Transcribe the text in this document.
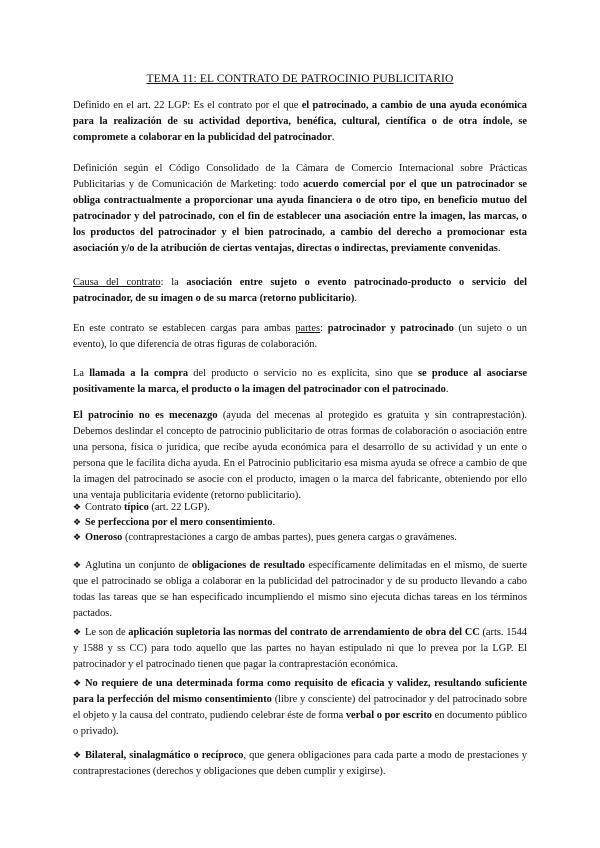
TEMA 11: EL CONTRATO DE PATROCINIO PUBLICITARIO
Definido en el art. 22 LGP: Es el contrato por el que el patrocinado, a cambio de una ayuda económica para la realización de su actividad deportiva, benéfica, cultural, científica o de otra índole, se compromete a colaborar en la publicidad del patrocinador.
Definición según el Código Consolidado de la Cámara de Comercio Internacional sobre Prácticas Publicitarias y de Comunicación de Marketing: todo acuerdo comercial por el que un patrocinador se obliga contractualmente a proporcionar una ayuda financiera o de otro tipo, en beneficio mutuo del patrocinador y del patrocinado, con el fin de establecer una asociación entre la imagen, las marcas, o los productos del patrocinador y el bien patrocinado, a cambio del derecho a promocionar esta asociación y/o de la atribución de ciertas ventajas, directas o indirectas, previamente convenidas.
Causa del contrato: la asociación entre sujeto o evento patrocinado-producto o servicio del patrocinador, de su imagen o de su marca (retorno publicitario).
En este contrato se establecen cargas para ambas partes: patrocinador y patrocinado (un sujeto o un evento), lo que diferencia de otras figuras de colaboración.
La llamada a la compra del producto o servicio no es explícita, sino que se produce al asociarse positivamente la marca, el producto o la imagen del patrocinador con el patrocinado.
El patrocinio no es mecenazgo (ayuda del mecenas al protegido es gratuita y sin contraprestación). Debemos deslindar el concepto de patrocinio publicitario de otras formas de colaboración o asociación entre una persona, física o jurídica, que recibe ayuda económica para el desarrollo de su actividad y un ente o persona que le facilita dicha ayuda. En el Patrocinio publicitario esa misma ayuda se ofrece a cambio de que la imagen del patrocinado se asocie con el producto, imagen o la marca del fabricante, obteniendo por ello una ventaja publicitaria evidente (retorno publicitario).
❖ Contrato típico (art. 22 LGP).
❖ Se perfecciona por el mero consentimiento.
❖ Oneroso (contraprestaciones a cargo de ambas partes), pues genera cargas o gravámenes.
❖ Aglutina un conjunto de obligaciones de resultado específicamente delimitadas en el mismo, de suerte que el patrocinado se obliga a colaborar en la publicidad del patrocinador y de su producto llevando a cabo todas las tareas que se han especificado incumpliendo el mismo sino ejecuta dichas tareas en los términos pactados.
❖ Le son de aplicación supletoria las normas del contrato de arrendamiento de obra del CC (arts. 1544 y 1588 y ss CC) para todo aquello que las partes no hayan estipulado ni que lo prevea por la LGP. El patrocinador y el patrocinado tienen que pagar la contraprestación económica.
❖ No requiere de una determinada forma como requisito de eficacia y validez, resultando suficiente para la perfección del mismo consentimiento (libre y consciente) del patrocinador y del patrocinado sobre el objeto y la causa del contrato, pudiendo celebrar éste de forma verbal o por escrito en documento público o privado).
❖ Bilateral, sinalagmático o recíproco, que genera obligaciones para cada parte a modo de prestaciones y contraprestaciones (derechos y obligaciones que deben cumplir y exigirse).
